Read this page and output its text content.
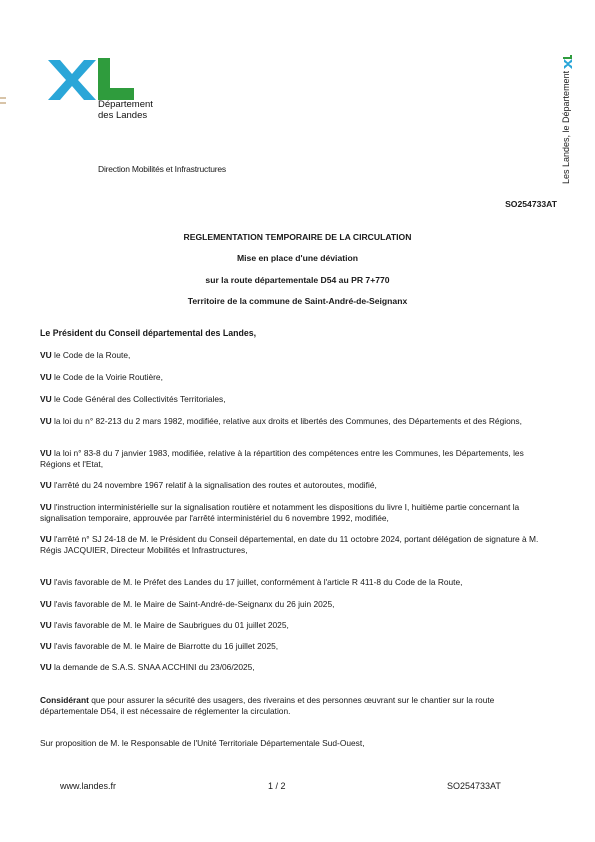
Département
des Landes
Direction Mobilités et Infrastructures	Les Landes, le Département
SO254733AT
REGLEMENTATION TEMPORAIRE DE LA CIRCULATION
Mise en place d'une déviation
sur la route départementale D54 au PR 7+770
Territoire de la commune de Saint-André-de-Seignanx
Le Président du Conseil départemental des Landes,
VU le Code de la Route,
VU le Code de la Voirie Routière,
VU le Code Général des Collectivités Territoriales,
VU la loi du n° 82-213 du 2 mars 1982, modifiée, relative aux droits et libertés des Communes, des Départements et des Régions,
VU la loi n° 83-8 du 7 janvier 1983, modifiée, relative à la répartition des compétences entre les Communes, les Départements, les Régions et l'Etat,
VU l'arrêté du 24 novembre 1967 relatif à la signalisation des routes et autoroutes, modifié,
VU l'instruction interministérielle sur la signalisation routière et notamment les dispositions du livre I, huitième partie concernant la signalisation temporaire, approuvée par l'arrêté interministériel du 6 novembre 1992, modifiée,
VU l'arrêté n° SJ 24-18 de M. le Président du Conseil départemental, en date du 11 octobre 2024, portant délégation de signature à M. Régis JACQUIER, Directeur Mobilités et Infrastructures,
VU l'avis favorable de M. le Préfet des Landes du 17 juillet, conformément à l'article R 411-8 du Code de la Route,
VU l'avis favorable de M. le Maire de Saint-André-de-Seignanx du 26 juin 2025,
VU l'avis favorable de M. le Maire de Saubrigues du 01 juillet 2025,
VU l'avis favorable de M. le Maire de Biarrotte du 16 juillet 2025,
VU la demande de S.A.S. SNAA ACCHINI du 23/06/2025,
Considérant que pour assurer la sécurité des usagers, des riverains et des personnes œuvrant sur le chantier sur la route départementale D54, il est nécessaire de réglementer la circulation.
Sur proposition de M. le Responsable de l'Unité Territoriale Départementale Sud-Ouest,
www.landes.fr	1 / 2	SO254733AT
